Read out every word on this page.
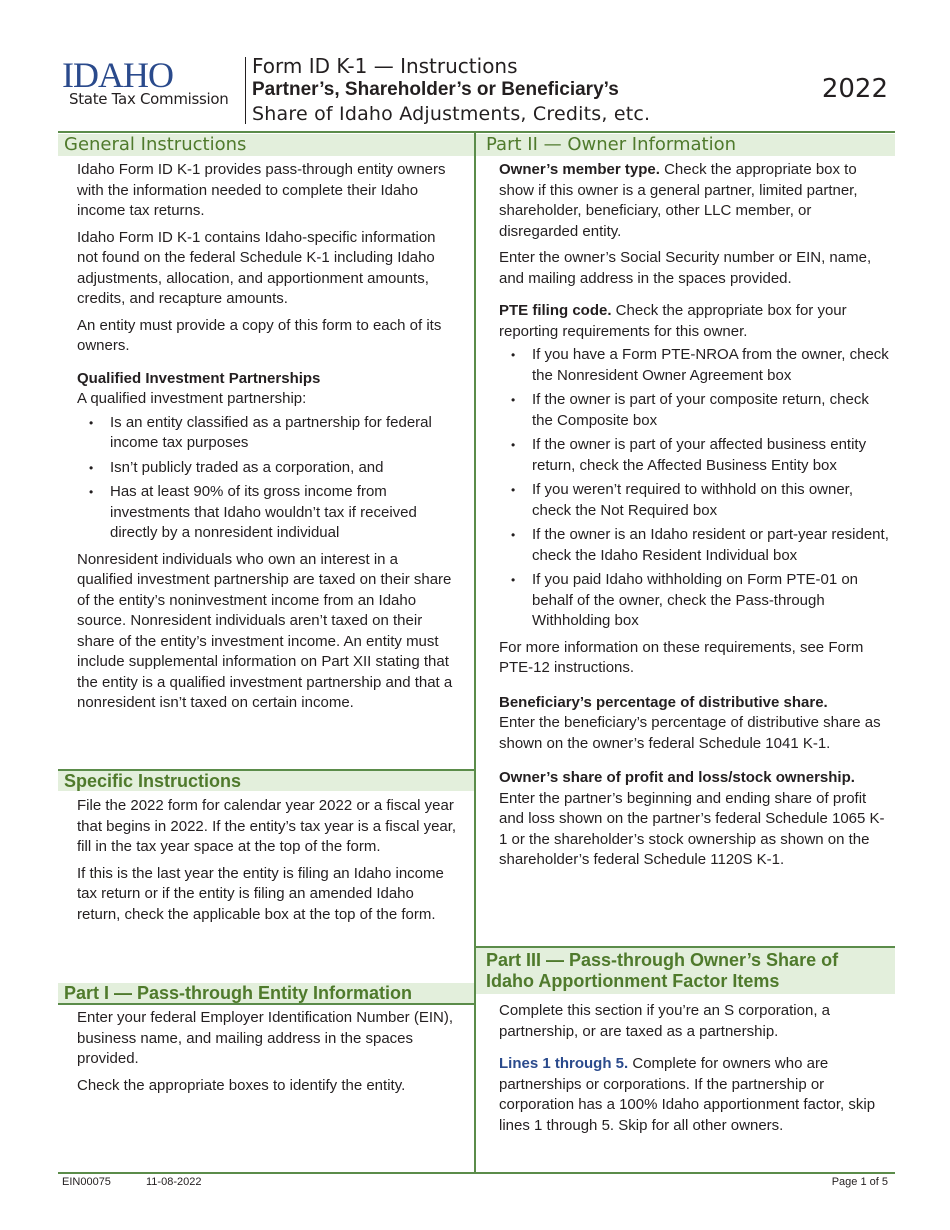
IDAHO
State Tax Commission
Form ID K-1 — Instructions
Partner’s, Shareholder’s or Beneficiary’s
Share of Idaho Adjustments, Credits, etc.
2022
General Instructions

Idaho Form ID K-1 provides pass-through entity owners with the information needed to complete their Idaho income tax returns.

Idaho Form ID K-1 contains Idaho-specific information not found on the federal Schedule K-1 including Idaho adjustments, allocation, and apportionment amounts, credits, and recapture amounts.

An entity must provide a copy of this form to each of its owners.

Qualified Investment Partnerships

A qualified investment partnership:

• Is an entity classified as a partnership for federal income tax purposes
• Isn’t publicly traded as a corporation, and
• Has at least 90% of its gross income from investments that Idaho wouldn’t tax if received directly by a nonresident individual

Nonresident individuals who own an interest in a qualified investment partnership are taxed on their share of the entity’s noninvestment income from an Idaho source. Nonresident individuals aren’t taxed on their share of the entity’s investment income. An entity must include supplemental information on Part XII stating that the entity is a qualified investment partnership and that a nonresident isn’t taxed on certain income.

Specific Instructions

File the 2022 form for calendar year 2022 or a fiscal year that begins in 2022. If the entity’s tax year is a fiscal year, fill in the tax year space at the top of the form.

If this is the last year the entity is filing an Idaho income tax return or if the entity is filing an amended Idaho return, check the applicable box at the top of the form.

Part I — Pass-through Entity Information

Enter your federal Employer Identification Number (EIN), business name, and mailing address in the spaces provided.

Check the appropriate boxes to identify the entity.

Part II — Owner Information

Owner’s member type. Check the appropriate box to show if this owner is a general partner, limited partner, shareholder, beneficiary, other LLC member, or disregarded entity.

Enter the owner’s Social Security number or EIN, name, and mailing address in the spaces provided.

PTE filing code. Check the appropriate box for your reporting requirements for this owner.

• If you have a Form PTE-NROA from the owner, check the Nonresident Owner Agreement box
• If the owner is part of your composite return, check the Composite box
• If the owner is part of your affected business entity return, check the Affected Business Entity box
• If you weren’t required to withhold on this owner, check the Not Required box
• If the owner is an Idaho resident or part-year resident, check the Idaho Resident Individual box
• If you paid Idaho withholding on Form PTE-01 on behalf of the owner, check the Pass-through Withholding box

For more information on these requirements, see Form PTE-12 instructions.

Beneficiary’s percentage of distributive share.

Enter the beneficiary’s percentage of distributive share as shown on the owner’s federal Schedule 1041 K-1.

Owner’s share of profit and loss/stock ownership.

Enter the partner’s beginning and ending share of profit and loss shown on the partner’s federal Schedule 1065 K-1 or the shareholder’s stock ownership as shown on the shareholder’s federal Schedule 1120S K-1.

Part III — Pass-through Owner’s Share of
Idaho Apportionment Factor Items

Complete this section if you’re an S corporation, a partnership, or are taxed as a partnership.

Lines 1 through 5. Complete for owners who are partnerships or corporations. If the partnership or corporation has a 100% Idaho apportionment factor, skip lines 1 through 5. Skip for all other owners.

EIN00075	11-08-2022	Page 1 of 5
